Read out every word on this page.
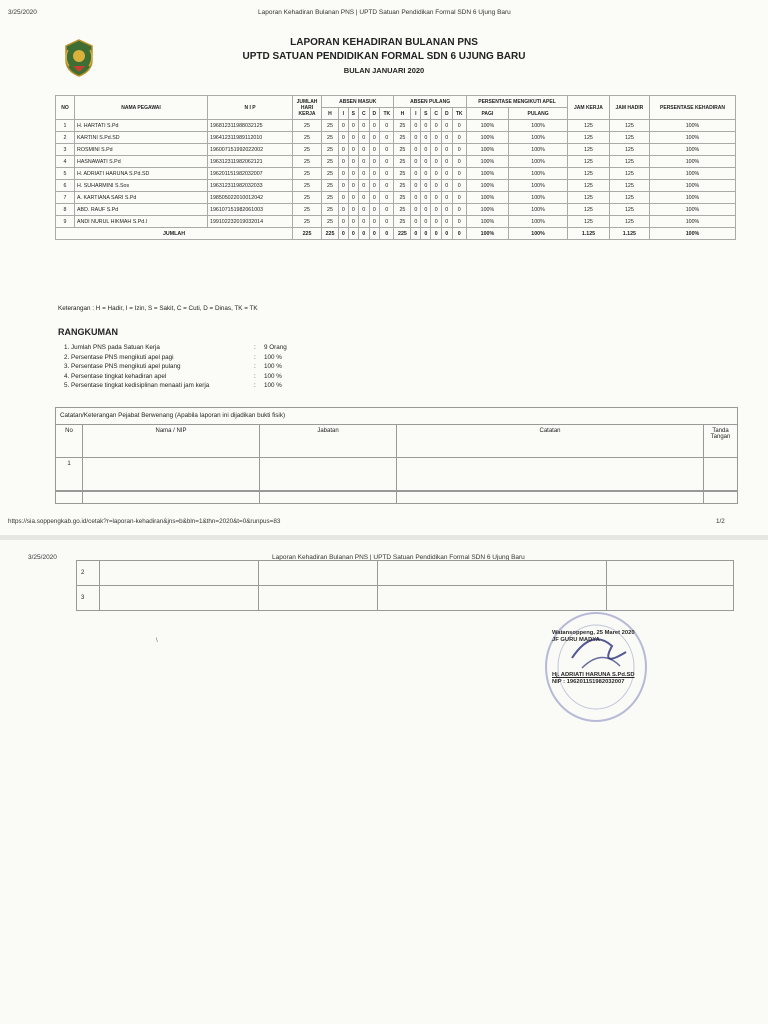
3/25/2020	Laporan Kehadiran Bulanan PNS | UPTD Satuan Pendidikan Formal SDN 6 Ujung Baru
LAPORAN KEHADIRAN BULANAN PNS
UPTD SATUAN PENDIDIKAN FORMAL SDN 6 UJUNG BARU
BULAN JANUARI 2020
NO	NAMA PEGAWAI	N I P	JUMLAH HARI KERJA	ABSEN MASUK						ABSEN PULANG						PERSENTASE MENGIKUTI APEL		JAM KERJA	JAM HADIR	PERSENTASE KEHADIRAN
				H	I	S	C	D	TK	H	I	S	C	D	TK	PAGI	PULANG			
1	H. HARTATI S.Pd	196812311988032125	25	25	0	0	0	0	0	25	0	0	0	0	0	100%	100%	125	125	100%
2	KARTINI S.Pd.SD	196412311989112010	25	25	0	0	0	0	0	25	0	0	0	0	0	100%	100%	125	125	100%
3	ROSMINI S.Pd	196007151992022002	25	25	0	0	0	0	0	25	0	0	0	0	0	100%	100%	125	125	100%
4	HASNAWATI S.Pd	196312311982062121	25	25	0	0	0	0	0	25	0	0	0	0	0	100%	100%	125	125	100%
5	H. ADRIATI HARUNA S.Pd.SD	196201151982032007	25	25	0	0	0	0	0	25	0	0	0	0	0	100%	100%	125	125	100%
6	H. SUHARMINI S.Sos	196312311982032033	25	25	0	0	0	0	0	25	0	0	0	0	0	100%	100%	125	125	100%
7	A. KARTIANA SARI S.Pd	198505022010012042	25	25	0	0	0	0	0	25	0	0	0	0	0	100%	100%	125	125	100%
8	ABD. RAUF S.Pd	196107151982061003	25	25	0	0	0	0	0	25	0	0	0	0	0	100%	100%	125	125	100%
9	ANDI NURUL HIKMAH S.Pd.I	199102232019032014	25	25	0	0	0	0	0	25	0	0	0	0	0	100%	100%	125	125	100%
JUMLAH			225	225	0	0	0	0	0	225	0	0	0	0	0	100%	100%	1.125	1.125	100%
Keterangan : H = Hadir, I = Izin, S = Sakit, C = Cuti, D = Dinas, TK = TK
RANGKUMAN
1. Jumlah PNS pada Satuan Kerja	:	9 Orang
2. Persentase PNS mengikuti apel pagi	:	100 %
3. Persentase PNS mengikuti apel pulang	:	100 %
4. Persentase tingkat kehadiran apel	:	100 %
5. Persentase tingkat kedisiplinan menaati jam kerja	:	100 %
Catatan/Keterangan Pejabat Berwenang (Apabila laporan ini dijadikan bukti fisik)
No	Nama / NIP	Jabatan	Catatan	Tanda Tangan
1				

https://sia.soppengkab.go.id/cetak?r=laporan-kehadiran&jns=b&bln=1&thn=2020&t=0&runpus=83	1/2
3/25/2020	Laporan Kehadiran Bulanan PNS | UPTD Satuan Pendidikan Formal SDN 6 Ujung Baru
2				
3				
\
Watansoppeng, 25 Maret 2020
JF GURU MADYA
Hj. ADRIATI HARUNA S.Pd.SD
NIP : 196201151982032007
